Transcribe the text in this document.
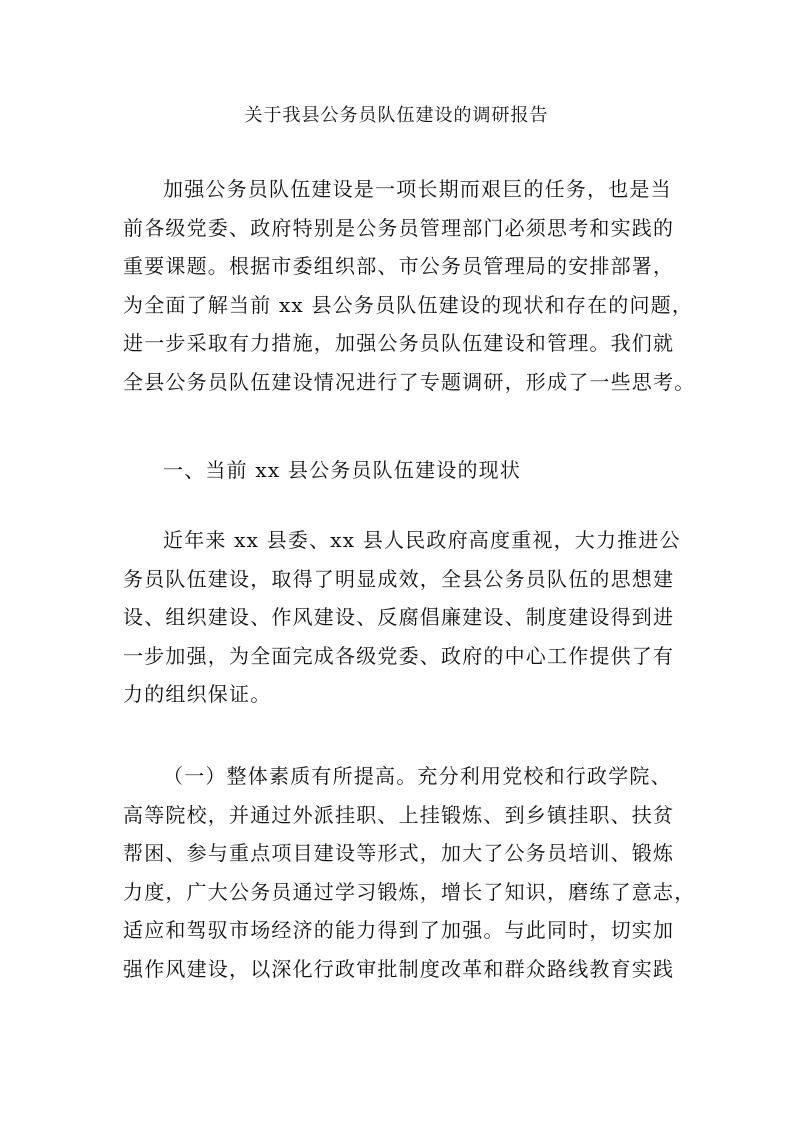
关于我县公务员队伍建设的调研报告
加强公务员队伍建设是一项长期而艰巨的任务，也是当
前各级党委、政府特别是公务员管理部门必须思考和实践的
重要课题。根据市委组织部、市公务员管理局的安排部署，
为全面了解当前 xx 县公务员队伍建设的现状和存在的问题，
进一步采取有力措施，加强公务员队伍建设和管理。我们就
全县公务员队伍建设情况进行了专题调研，形成了一些思考。
一、当前 xx 县公务员队伍建设的现状
近年来 xx 县委、xx 县人民政府高度重视，大力推进公
务员队伍建设，取得了明显成效，全县公务员队伍的思想建
设、组织建设、作风建设、反腐倡廉建设、制度建设得到进
一步加强，为全面完成各级党委、政府的中心工作提供了有
力的组织保证。
（一）整体素质有所提高。充分利用党校和行政学院、
高等院校，并通过外派挂职、上挂锻炼、到乡镇挂职、扶贫
帮困、参与重点项目建设等形式，加大了公务员培训、锻炼
力度，广大公务员通过学习锻炼，增长了知识，磨练了意志，
适应和驾驭市场经济的能力得到了加强。与此同时，切实加
强作风建设，以深化行政审批制度改革和群众路线教育实践
